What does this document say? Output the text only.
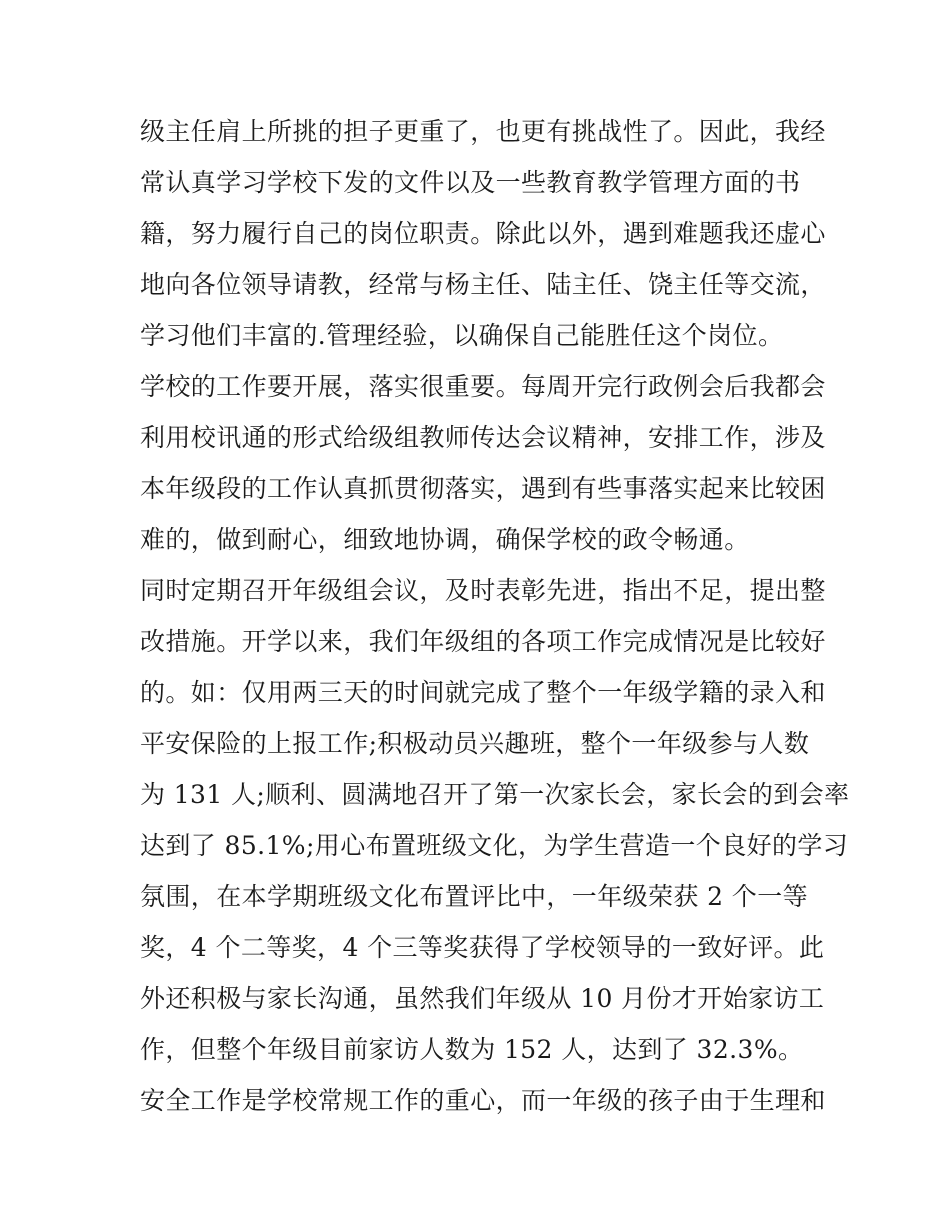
级主任肩上所挑的担子更重了，也更有挑战性了。因此，我经
常认真学习学校下发的文件以及一些教育教学管理方面的书
籍，努力履行自己的岗位职责。除此以外，遇到难题我还虚心
地向各位领导请教，经常与杨主任、陆主任、饶主任等交流，
学习他们丰富的.管理经验，以确保自己能胜任这个岗位。
学校的工作要开展，落实很重要。每周开完行政例会后我都会
利用校讯通的形式给级组教师传达会议精神，安排工作，涉及
本年级段的工作认真抓贯彻落实，遇到有些事落实起来比较困
难的，做到耐心，细致地协调，确保学校的政令畅通。
同时定期召开年级组会议，及时表彰先进，指出不足，提出整
改措施。开学以来，我们年级组的各项工作完成情况是比较好
的。如：仅用两三天的时间就完成了整个一年级学籍的录入和
平安保险的上报工作;积极动员兴趣班，整个一年级参与人数
为 131 人;顺利、圆满地召开了第一次家长会，家长会的到会率
达到了 85.1%;用心布置班级文化，为学生营造一个良好的学习
氛围，在本学期班级文化布置评比中，一年级荣获 2 个一等
奖，4 个二等奖，4 个三等奖获得了学校领导的一致好评。此
外还积极与家长沟通，虽然我们年级从 10 月份才开始家访工
作，但整个年级目前家访人数为 152 人，达到了 32.3%。
安全工作是学校常规工作的重心，而一年级的孩子由于生理和
